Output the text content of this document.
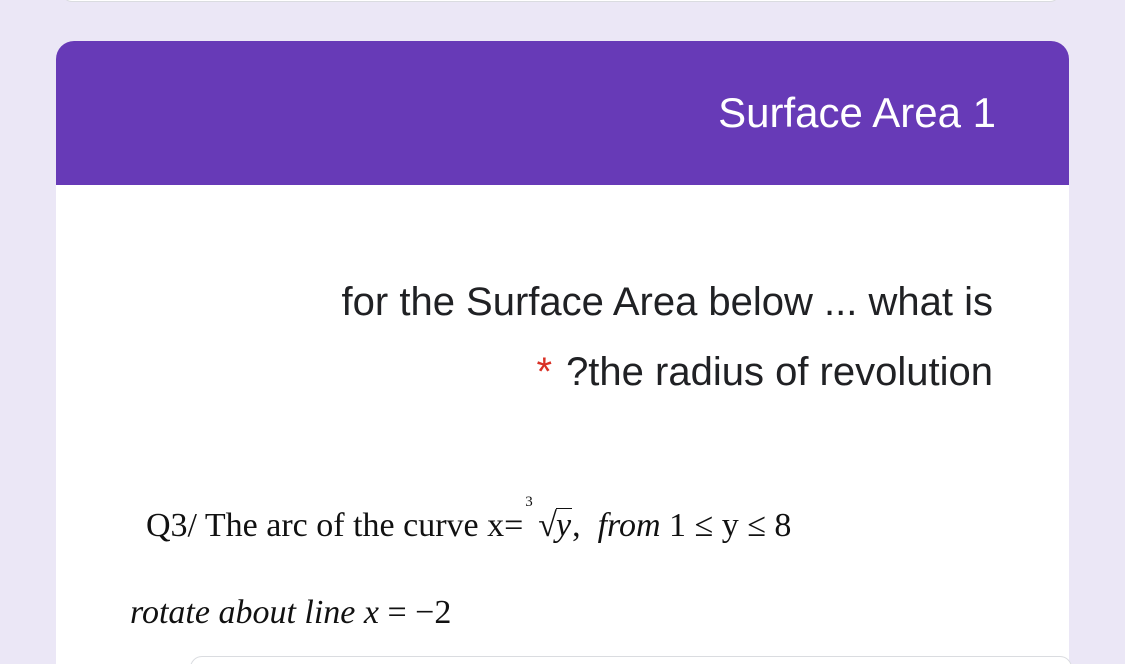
Surface Area 1
for the Surface Area below ... what is
* ?the radius of revolution
Q3/ The arc of the curve x=
3
√y, from 1 ≤ y ≤ 8
rotate about line x = −2
